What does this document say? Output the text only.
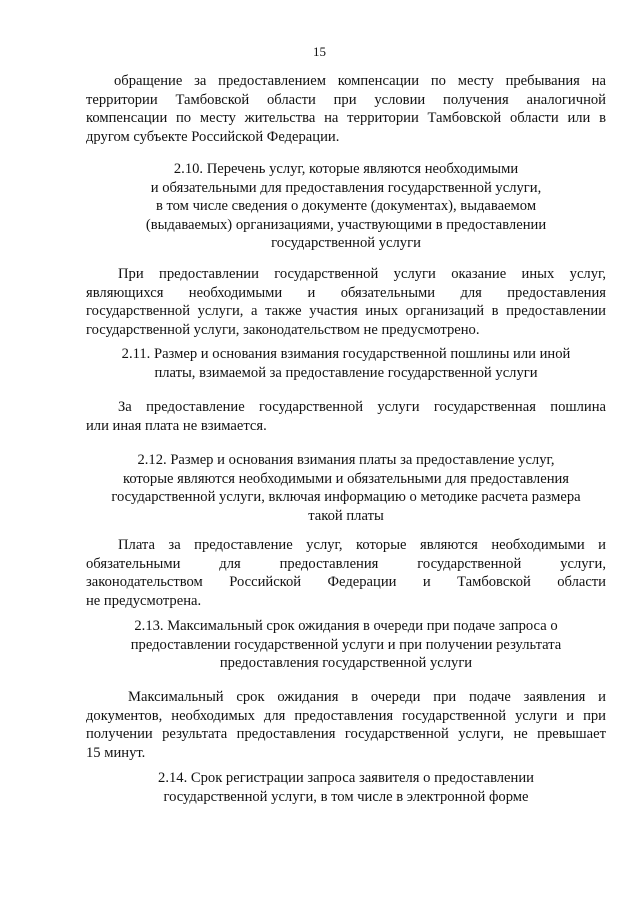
15
обращение за предоставлением компенсации по месту пребывания на
территории Тамбовской области при условии получения аналогичной
компенсации по месту жительства на территории Тамбовской области или в
другом субъекте Российской Федерации.
2.10. Перечень услуг, которые являются необходимыми
и обязательными для предоставления государственной услуги,
в том числе сведения о документе (документах), выдаваемом
(выдаваемых) организациями, участвующими в предоставлении
государственной услуги
При предоставлении государственной услуги оказание иных услуг,
являющихся необходимыми и обязательными для предоставления
государственной услуги, а также участия иных организаций в предоставлении
государственной услуги, законодательством не предусмотрено.
2.11. Размер и основания взимания государственной пошлины или иной
платы, взимаемой за предоставление государственной услуги
За предоставление государственной услуги государственная пошлина
или иная плата не взимается.
2.12. Размер и основания взимания платы за предоставление услуг,
которые являются необходимыми и обязательными для предоставления
государственной услуги, включая информацию о методике расчета размера
такой платы
Плата за предоставление услуг, которые являются необходимыми и
обязательными для предоставления государственной услуги,
законодательством Российской Федерации и Тамбовской области
не предусмотрена.
2.13. Максимальный срок ожидания в очереди при подаче запроса о
предоставлении государственной услуги и при получении результата
предоставления государственной услуги
Максимальный срок ожидания в очереди при подаче заявления и
документов, необходимых для предоставления государственной услуги и при
получении результата предоставления государственной услуги, не превышает
15 минут.
2.14. Срок регистрации запроса заявителя о предоставлении
государственной услуги, в том числе в электронной форме
